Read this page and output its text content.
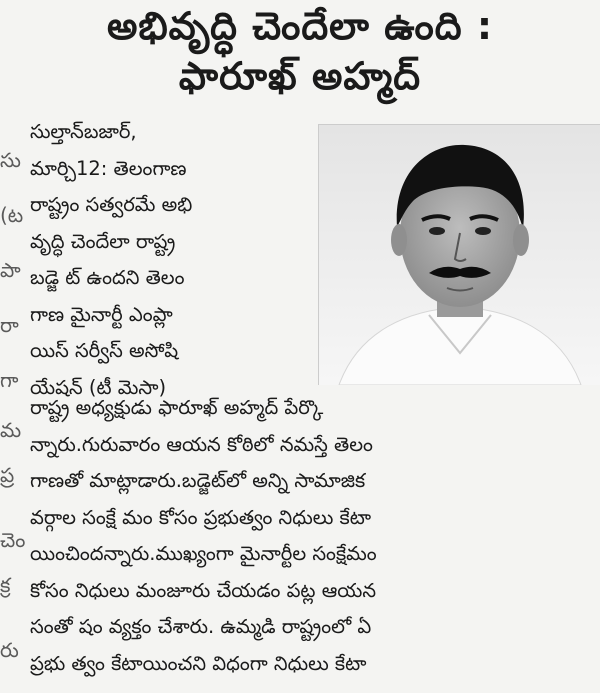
అభివృద్ధి చెందేలా ఉంది :
ఫారూఖ్ అహ్మద్
సు
(ట
పా
రా
గా
మ
ప్ర
చెం
క్ర
రు
సుల్తాన్‌బజార్,
మార్చి12: తెలంగాణ
రాష్ట్రం సత్వరమే అభి
వృద్ధి చెందేలా రాష్ట్ర
బడ్జె ట్ ఉందని తెలం
గాణ మైనార్టీ ఎంప్లా
యిస్ సర్వీస్ అసోషి
యేషన్ (టీ మెసా)
రాష్ట్ర అధ్యక్షుడు ఫారూఖ్ అహ్మద్ పేర్కొ
న్నారు.గురువారం ఆయన కోఠిలో నమస్తే తెలం
గాణతో మాట్లాడారు.బడ్జెట్‌లో అన్ని సామాజిక
వర్గాల సంక్షే మం కోసం ప్రభుత్వం నిధులు కేటా
యించిందన్నారు.ముఖ్యంగా మైనార్టీల సంక్షేమం
కోసం నిధులు మంజూరు చేయడం పట్ల ఆయన
సంతో షం వ్యక్తం చేశారు. ఉమ్మడి రాష్ట్రంలో ఏ
ప్రభు త్వం కేటాయించని విధంగా నిధులు కేటా
